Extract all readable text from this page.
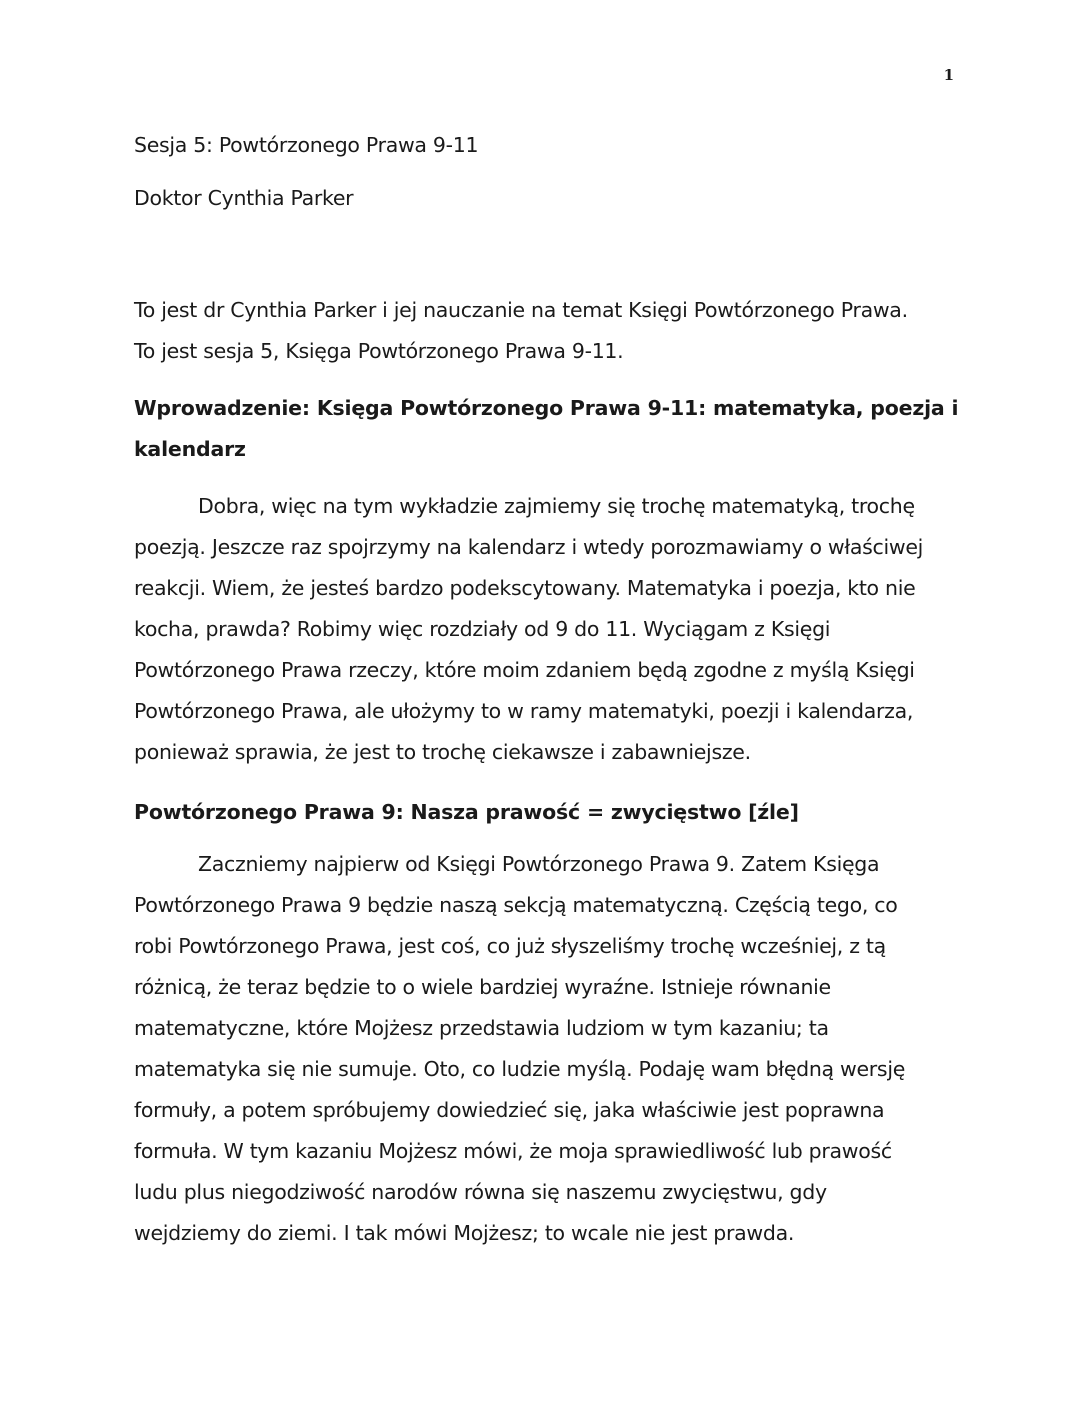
1
Sesja 5: Powtórzonego Prawa 9-11
Doktor Cynthia Parker
To jest dr Cynthia Parker i jej nauczanie na temat Księgi Powtórzonego Prawa.
To jest sesja 5, Księga Powtórzonego Prawa 9-11.
Wprowadzenie: Księga Powtórzonego Prawa 9-11: matematyka, poezja i
kalendarz
Dobra, więc na tym wykładzie zajmiemy się trochę matematyką, trochę
poezją. Jeszcze raz spojrzymy na kalendarz i wtedy porozmawiamy o właściwej
reakcji. Wiem, że jesteś bardzo podekscytowany. Matematyka i poezja, kto nie
kocha, prawda? Robimy więc rozdziały od 9 do 11. Wyciągam z Księgi
Powtórzonego Prawa rzeczy, które moim zdaniem będą zgodne z myślą Księgi
Powtórzonego Prawa, ale ułożymy to w ramy matematyki, poezji i kalendarza,
ponieważ sprawia, że jest to trochę ciekawsze i zabawniejsze.
Powtórzonego Prawa 9: Nasza prawość = zwycięstwo [źle]
Zaczniemy najpierw od Księgi Powtórzonego Prawa 9. Zatem Księga
Powtórzonego Prawa 9 będzie naszą sekcją matematyczną. Częścią tego, co
robi Powtórzonego Prawa, jest coś, co już słyszeliśmy trochę wcześniej, z tą
różnicą, że teraz będzie to o wiele bardziej wyraźne. Istnieje równanie
matematyczne, które Mojżesz przedstawia ludziom w tym kazaniu; ta
matematyka się nie sumuje. Oto, co ludzie myślą. Podaję wam błędną wersję
formuły, a potem spróbujemy dowiedzieć się, jaka właściwie jest poprawna
formuła. W tym kazaniu Mojżesz mówi, że moja sprawiedliwość lub prawość
ludu plus niegodziwość narodów równa się naszemu zwycięstwu, gdy
wejdziemy do ziemi. I tak mówi Mojżesz; to wcale nie jest prawda.
